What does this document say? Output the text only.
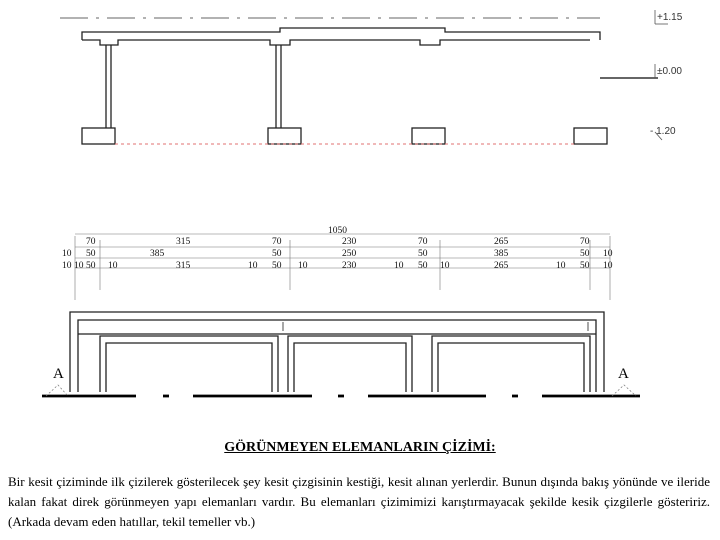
+1.15
±0.00
- 1.20
1050
70	315	70	230	70	265	70
10 50	385	50	250	50	385	50 10
10 10 50 10	315	10 50 10	230	10 50 10	265	10 50 10
A	A
GÖRÜNMEYEN ELEMANLARIN ÇİZİMİ:

Bir kesit çiziminde ilk çizilerek gösterilecek şey kesit çizgisinin kestiği, kesit alınan yerlerdir. Bunun dışında bakış yönünde ve ileride kalan fakat direk görünmeyen yapı elemanları vardır. Bu elemanları çizimimizi karıştırmayacak şekilde kesik çizgilerle gösteririz. (Arkada devam eden hatıllar, tekil temeller vb.)
